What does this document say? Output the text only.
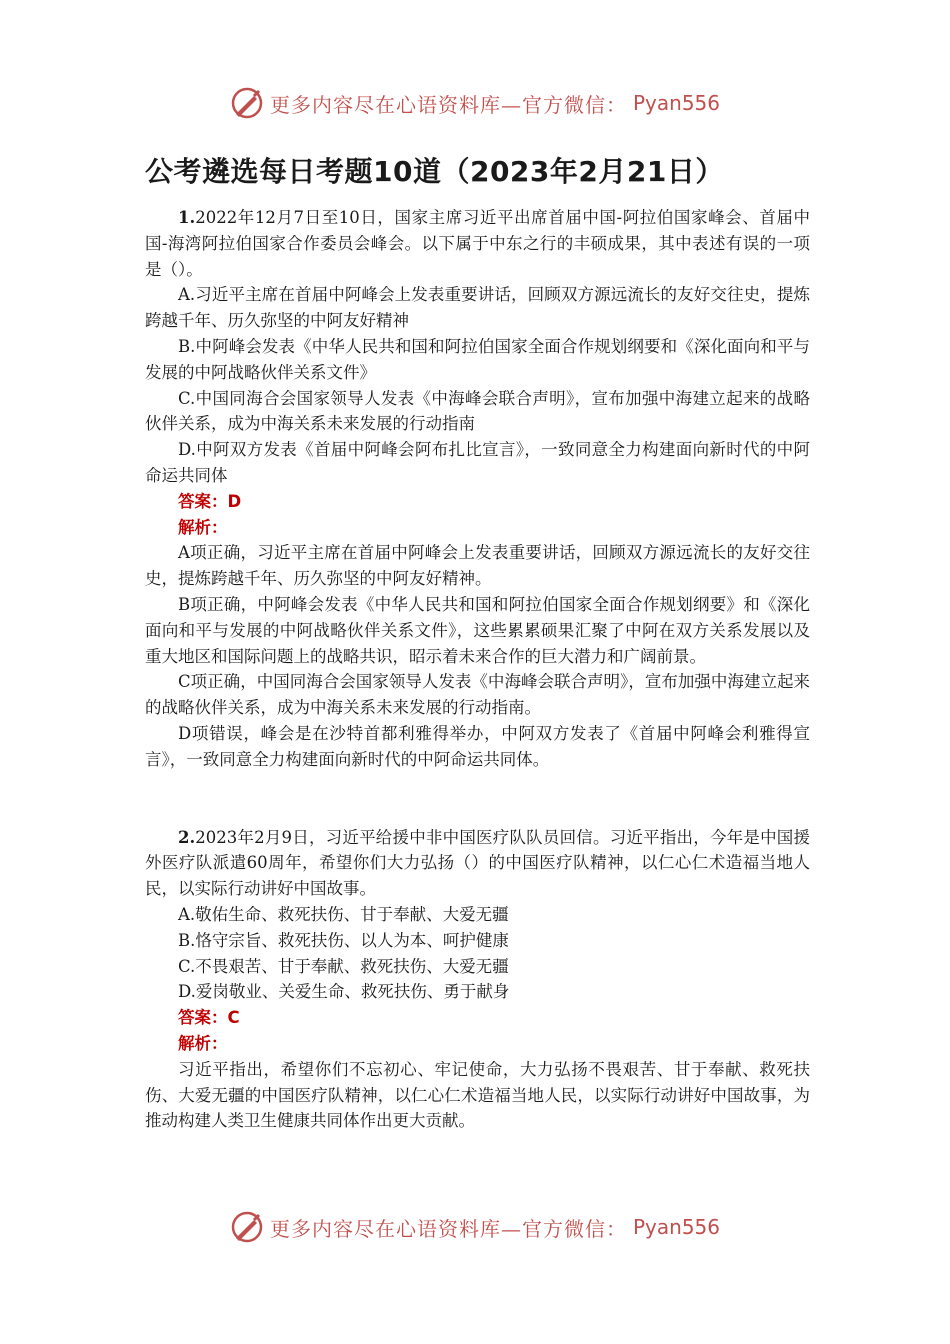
更多内容尽在心语资料库—官方微信： Pyan556
公考遴选每日考题10道（2023年2月21日）

1.2022年12月7日至10日，国家主席习近平出席首届中国-阿拉伯国家峰会、首届中国-海湾阿拉伯国家合作委员会峰会。以下属于中东之行的丰硕成果，其中表述有误的一项是（）。

A.习近平主席在首届中阿峰会上发表重要讲话，回顾双方源远流长的友好交往史，提炼跨越千年、历久弥坚的中阿友好精神

B.中阿峰会发表《中华人民共和国和阿拉伯国家全面合作规划纲要和《深化面向和平与发展的中阿战略伙伴关系文件》

C.中国同海合会国家领导人发表《中海峰会联合声明》，宣布加强中海建立起来的战略伙伴关系，成为中海关系未来发展的行动指南

D.中阿双方发表《首届中阿峰会阿布扎比宣言》，一致同意全力构建面向新时代的中阿命运共同体

答案：D

解析：

A项正确，习近平主席在首届中阿峰会上发表重要讲话，回顾双方源远流长的友好交往史，提炼跨越千年、历久弥坚的中阿友好精神。

B项正确，中阿峰会发表《中华人民共和国和阿拉伯国家全面合作规划纲要》和《深化面向和平与发展的中阿战略伙伴关系文件》，这些累累硕果汇聚了中阿在双方关系发展以及重大地区和国际问题上的战略共识，昭示着未来合作的巨大潜力和广阔前景。

C项正确，中国同海合会国家领导人发表《中海峰会联合声明》，宣布加强中海建立起来的战略伙伴关系，成为中海关系未来发展的行动指南。

D项错误，峰会是在沙特首都利雅得举办，中阿双方发表了《首届中阿峰会利雅得宣言》，一致同意全力构建面向新时代的中阿命运共同体。

2.2023年2月9日，习近平给援中非中国医疗队队员回信。习近平指出，今年是中国援外医疗队派遣60周年，希望你们大力弘扬（）的中国医疗队精神，以仁心仁术造福当地人民，以实际行动讲好中国故事。

A.敬佑生命、救死扶伤、甘于奉献、大爱无疆

B.恪守宗旨、救死扶伤、以人为本、呵护健康

C.不畏艰苦、甘于奉献、救死扶伤、大爱无疆

D.爱岗敬业、关爱生命、救死扶伤、勇于献身

答案：C

解析：

习近平指出，希望你们不忘初心、牢记使命，大力弘扬不畏艰苦、甘于奉献、救死扶伤、大爱无疆的中国医疗队精神，以仁心仁术造福当地人民，以实际行动讲好中国故事，为推动构建人类卫生健康共同体作出更大贡献。

更多内容尽在心语资料库—官方微信： Pyan556
